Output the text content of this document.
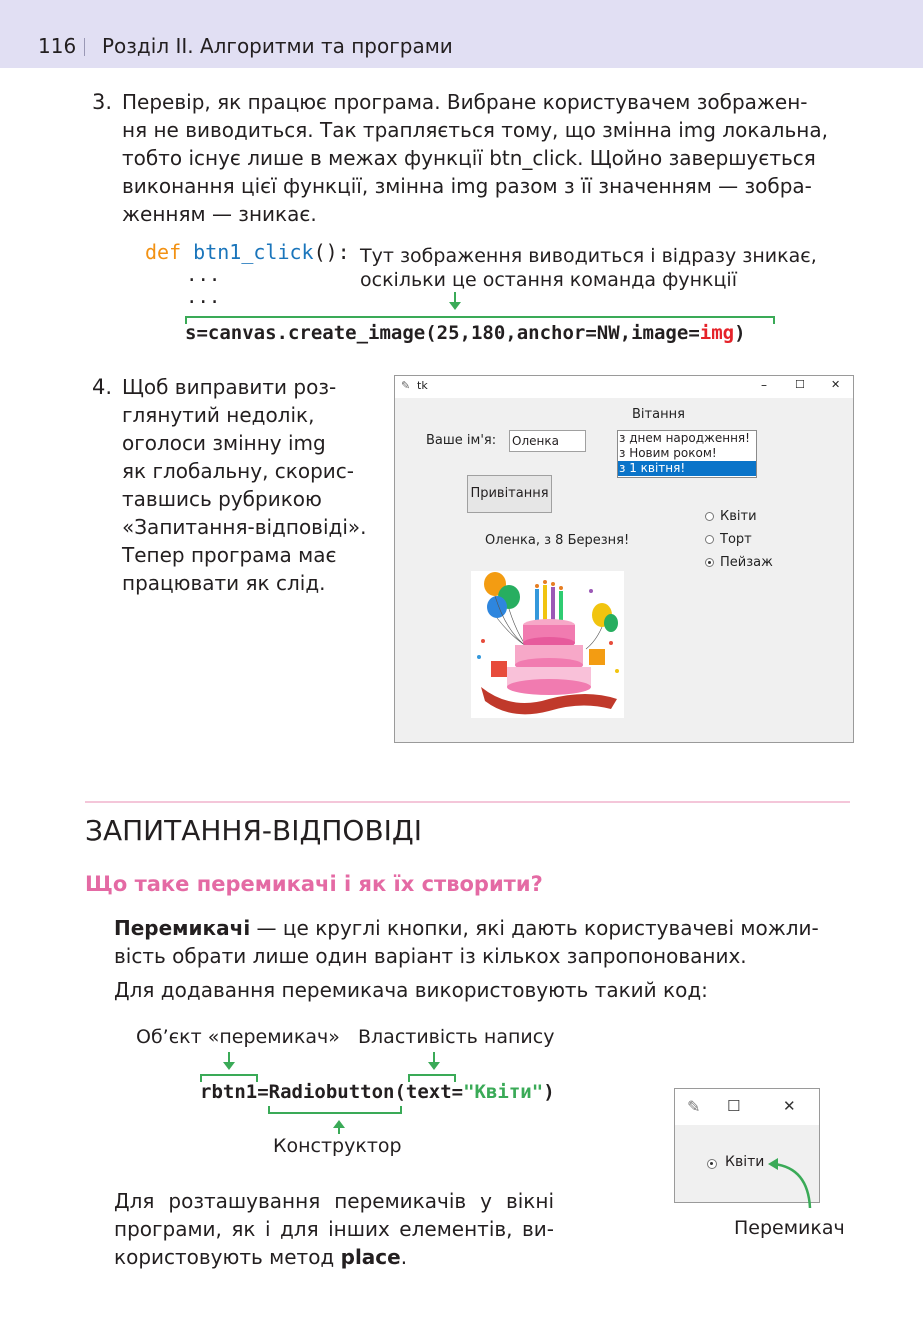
116 Розділ ІІ. Алгоритми та програми
3. Перевір, як працює програма. Вибране користувачем зображен-
ня не виводиться. Так трапляється тому, що змінна img локальна,
тобто існує лише в межах функції btn_click. Щойно завершується
виконання цієї функції, змінна img разом з її значенням — зобра-
женням — зникає.
def btn1_click():
...
...
Тут зображення виводиться і відразу зникає,
оскільки це остання команда функції
s=canvas.create_image(25,180,anchor=NW,image=img)
4. Щоб виправити роз-
глянутий недолік,
оголоси змінну img
як глобальну, скорис-
тавшись рубрикою
«Запитання-відповіді».
Тепер програма має
працювати як слід.
✎ tk	–	☐ ✕
Вітання
Ваше ім'я: Оленка	з днем народження!
з Новим роком!
з 1 квітня!
Привітання
Оленка, з 8 Березня!
Квіти
Торт
Пейзаж
ЗАПИТАННЯ-ВІДПОВІДІ
Що таке перемикачі і як їх створити?
Перемикачі — це круглі кнопки, які дають користувачеві можли-
вість обрати лише один варіант із кількох запропонованих.
Для додавання перемикача використовують такий код:
Об’єкт «перемикач» Властивість напису
rbtn1=Radiobutton(text="Квіти")
Конструктор
Для розташування перемикачів у вікні
програми, як і для інших елементів, ви-
користовують метод place.
✎ ☐	✕
Квіти
Перемикач
